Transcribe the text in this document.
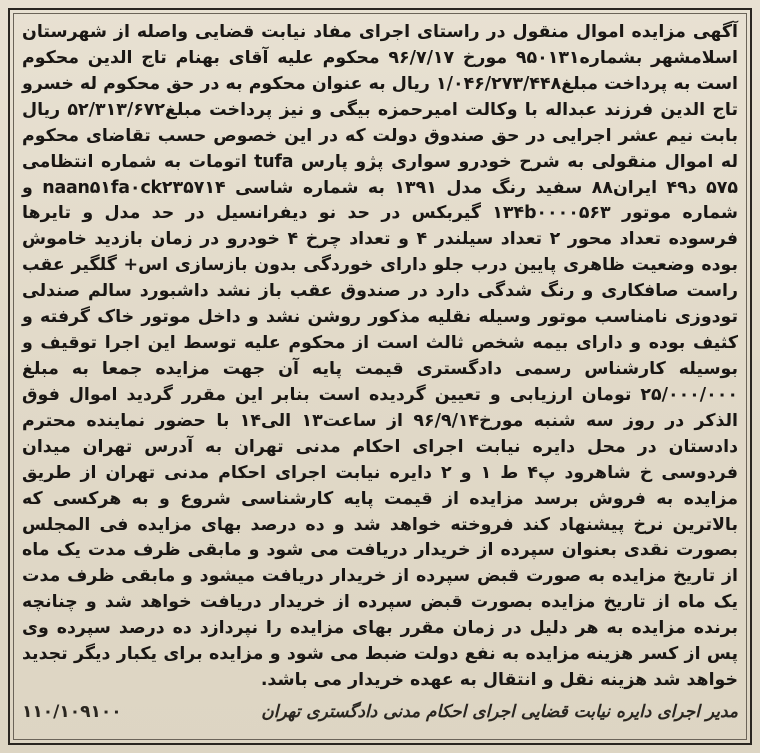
آگهی مزایده اموال منقول در راستای اجرای مفاد نیابت قضایی واصله از شهرستان اسلامشهر بشماره۹۵۰۱۳۱ مورخ ۹۶/۷/۱۷ محکوم علیه آقای بهنام تاج الدین محکوم است به پرداخت مبلغ۱/۰۴۶/۲۷۳/۴۴۸ ریال به عنوان محکوم به در حق محکوم له خسرو تاج الدین فرزند عبداله با وکالت امیرحمزه بیگی و نیز پرداخت مبلغ۵۲/۳۱۳/۶۷۲ ریال بابت نیم عشر اجرایی در حق صندوق دولت که در این خصوص حسب تقاضای محکوم له اموال منقولی به شرح خودرو سواری پژو پارس tufa اتومات به شماره انتظامی ۵۷۵ د۴۹ ایران۸۸ سفید رنگ مدل ۱۳۹۱ به شماره شاسی naan۵۱fa۰ck۲۳۵۷۱۴ و شماره موتور ۱۳۴b۰۰۰۰۵۶۳ گیربکس در حد نو دیفرانسیل در حد مدل و تایرها فرسوده تعداد محور ۲ تعداد سیلندر ۴ و تعداد چرخ ۴ خودرو در زمان بازدید خاموش بوده وضعیت ظاهری پایین درب جلو دارای خوردگی بدون بازسازی اس+ گلگیر عقب راست صافکاری و رنگ شدگی دارد در صندوق عقب باز نشد داشبورد سالم صندلی تودوزی نامناسب موتور وسیله نقلیه مذکور روشن نشد و داخل موتور خاک گرفته و کثیف بوده و دارای بیمه شخص ثالث است از محکوم علیه توسط این اجرا توقیف و بوسیله کارشناس رسمی دادگستری قیمت پایه آن جهت مزایده جمعا به مبلغ ۲۵/۰۰۰/۰۰۰ تومان ارزیابی و تعیین گردیده است بنابر این مقرر گردید اموال فوق الذکر در روز سه شنبه مورخ۹۶/۹/۱۴ از ساعت۱۳ الی۱۴ با حضور نماینده محترم دادستان در محل دایره نیابت اجرای احکام مدنی تهران به آدرس تهران میدان فردوسی خ شاهرود پ۴ ط ۱ و ۲ دایره نیابت اجرای احکام مدنی تهران از طریق مزایده به فروش برسد مزایده از قیمت پایه کارشناسی شروع و به هرکسی که بالاترین نرخ پیشنهاد کند فروخته خواهد شد و ده درصد بهای مزایده فی المجلس بصورت نقدی بعنوان سپرده از خریدار دریافت می شود و مابقی ظرف مدت یک ماه از تاریخ مزایده به صورت قبض سپرده از خریدار دریافت میشود و مابقی ظرف مدت یک ماه از تاریخ مزایده بصورت قبض سپرده از خریدار دریافت خواهد شد و چنانچه برنده مزایده به هر دلیل در زمان مقرر بهای مزایده را نپردازد ده درصد سپرده وی پس از کسر هزینه مزایده به نفع دولت ضبط می شود و مزایده برای یکبار دیگر تجدید خواهد شد هزینه نقل و انتقال به عهده خریدار می باشد.

مدیر اجرای دایره نیابت قضایی اجرای احکام مدنی دادگستری تهران
۱۱۰/۱۰۹۱۰۰
